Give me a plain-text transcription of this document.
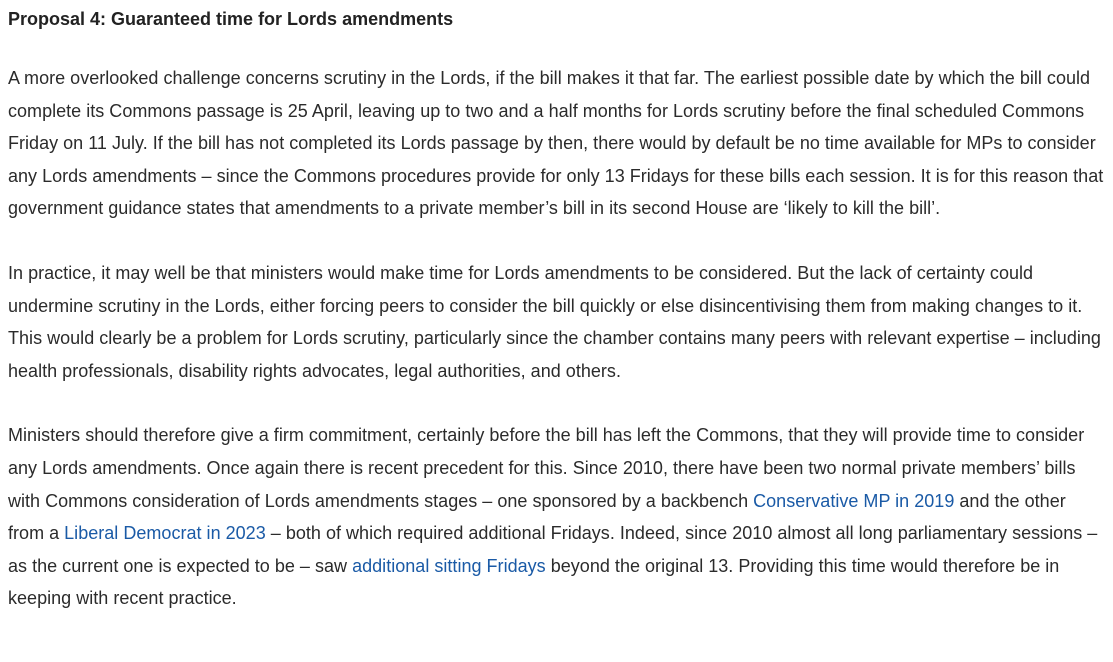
Proposal 4: Guaranteed time for Lords amendments

A more overlooked challenge concerns scrutiny in the Lords, if the bill makes it that far. The earliest possible date by which the bill could complete its Commons passage is 25 April, leaving up to two and a half months for Lords scrutiny before the final scheduled Commons Friday on 11 July. If the bill has not completed its Lords passage by then, there would by default be no time available for MPs to consider any Lords amendments – since the Commons procedures provide for only 13 Fridays for these bills each session. It is for this reason that government guidance states that amendments to a private member’s bill in its second House are ‘likely to kill the bill’.

In practice, it may well be that ministers would make time for Lords amendments to be considered. But the lack of certainty could undermine scrutiny in the Lords, either forcing peers to consider the bill quickly or else disincentivising them from making changes to it. This would clearly be a problem for Lords scrutiny, particularly since the chamber contains many peers with relevant expertise – including health professionals, disability rights advocates, legal authorities, and others.

Ministers should therefore give a firm commitment, certainly before the bill has left the Commons, that they will provide time to consider any Lords amendments. Once again there is recent precedent for this. Since 2010, there have been two normal private members’ bills with Commons consideration of Lords amendments stages – one sponsored by a backbench Conservative MP in 2019 and the other from a Liberal Democrat in 2023 – both of which required additional Fridays. Indeed, since 2010 almost all long parliamentary sessions – as the current one is expected to be – saw additional sitting Fridays beyond the original 13. Providing this time would therefore be in keeping with recent practice.
